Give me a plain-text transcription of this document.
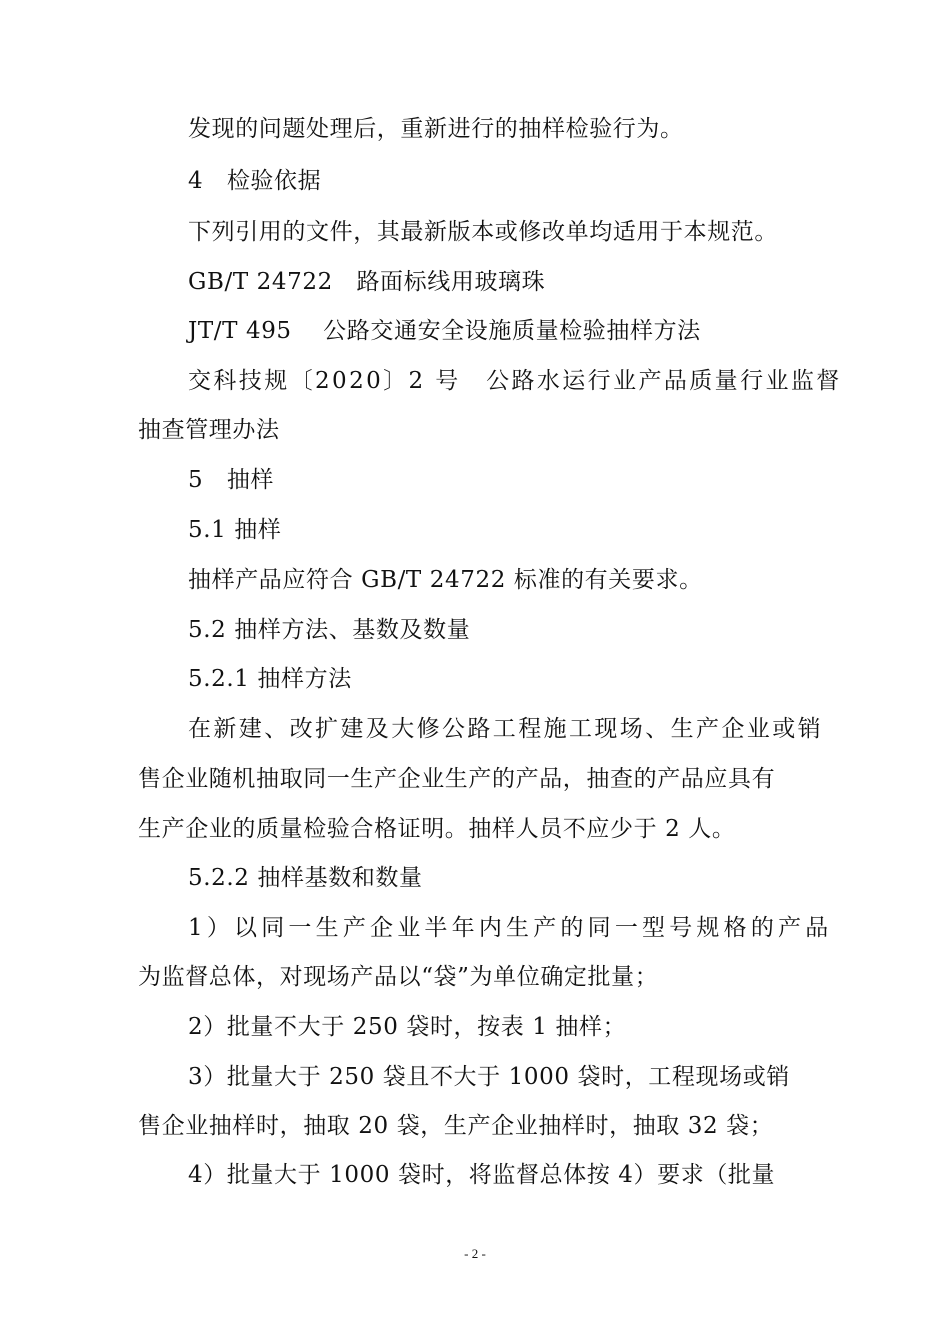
发现的问题处理后，重新进行的抽样检验行为。
4　检验依据
下列引用的文件，其最新版本或修改单均适用于本规范。
GB/T 24722　路面标线用玻璃珠
JT/T 495　 公路交通安全设施质量检验抽样方法
交科技规〔2020〕2 号　公路水运行业产品质量行业监督
抽查管理办法
5　抽样
5.1 抽样
抽样产品应符合 GB/T 24722 标准的有关要求。
5.2 抽样方法、基数及数量
5.2.1 抽样方法
在新建、改扩建及大修公路工程施工现场、生产企业或销
售企业随机抽取同一生产企业生产的产品，抽查的产品应具有
生产企业的质量检验合格证明。抽样人员不应少于 2 人。
5.2.2 抽样基数和数量
1）以同一生产企业半年内生产的同一型号规格的产品
为监督总体，对现场产品以“袋”为单位确定批量；
2）批量不大于 250 袋时，按表 1 抽样；
3）批量大于 250 袋且不大于 1000 袋时，工程现场或销
售企业抽样时，抽取 20 袋，生产企业抽样时，抽取 32 袋；
4）批量大于 1000 袋时，将监督总体按 4）要求（批量
- 2 -
